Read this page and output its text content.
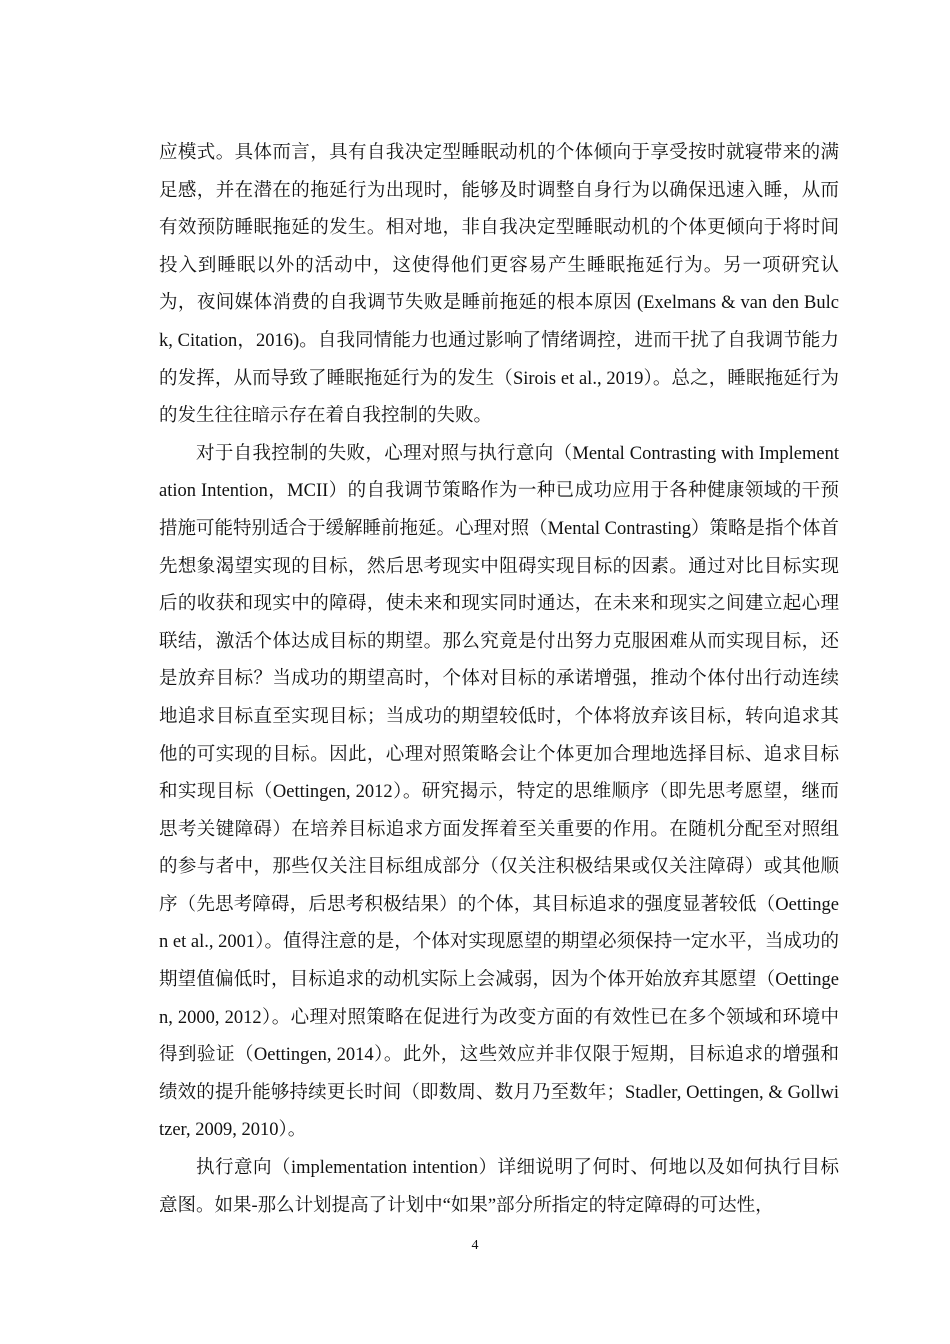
应模式。具体而言，具有自我决定型睡眠动机的个体倾向于享受按时就寝带来的满足感，并在潜在的拖延行为出现时，能够及时调整自身行为以确保迅速入睡，从而有效预防睡眠拖延的发生。相对地，非自我决定型睡眠动机的个体更倾向于将时间投入到睡眠以外的活动中，这使得他们更容易产生睡眠拖延行为。另一项研究认为，夜间媒体消费的自我调节失败是睡前拖延的根本原因 (Exelmans & van den Bulck, Citation，2016)。自我同情能力也通过影响了情绪调控，进而干扰了自我调节能力的发挥，从而导致了睡眠拖延行为的发生（Sirois et al., 2019）。总之，睡眠拖延行为的发生往往暗示存在着自我控制的失败。

对于自我控制的失败，心理对照与执行意向（Mental Contrasting with Implementation Intention，MCII）的自我调节策略作为一种已成功应用于各种健康领域的干预措施可能特别适合于缓解睡前拖延。心理对照（Mental Contrasting）策略是指个体首先想象渴望实现的目标，然后思考现实中阻碍实现目标的因素。通过对比目标实现后的收获和现实中的障碍，使未来和现实同时通达，在未来和现实之间建立起心理联结，激活个体达成目标的期望。那么究竟是付出努力克服困难从而实现目标，还是放弃目标？当成功的期望高时，个体对目标的承诺增强，推动个体付出行动连续地追求目标直至实现目标；当成功的期望较低时，个体将放弃该目标，转向追求其他的可实现的目标。因此，心理对照策略会让个体更加合理地选择目标、追求目标和实现目标（Oettingen, 2012）。研究揭示，特定的思维顺序（即先思考愿望，继而思考关键障碍）在培养目标追求方面发挥着至关重要的作用。在随机分配至对照组的参与者中，那些仅关注目标组成部分（仅关注积极结果或仅关注障碍）或其他顺序（先思考障碍，后思考积极结果）的个体，其目标追求的强度显著较低（Oettingen et al., 2001）。值得注意的是，个体对实现愿望的期望必须保持一定水平，当成功的期望值偏低时，目标追求的动机实际上会减弱，因为个体开始放弃其愿望（Oettingen, 2000, 2012）。心理对照策略在促进行为改变方面的有效性已在多个领域和环境中得到验证（Oettingen, 2014）。此外，这些效应并非仅限于短期，目标追求的增强和绩效的提升能够持续更长时间（即数周、数月乃至数年；Stadler, Oettingen, & Gollwitzer, 2009, 2010）。

执行意向（implementation intention）详细说明了何时、何地以及如何执行目标意图。如果-那么计划提高了计划中“如果”部分所指定的特定障碍的可达性，

4
